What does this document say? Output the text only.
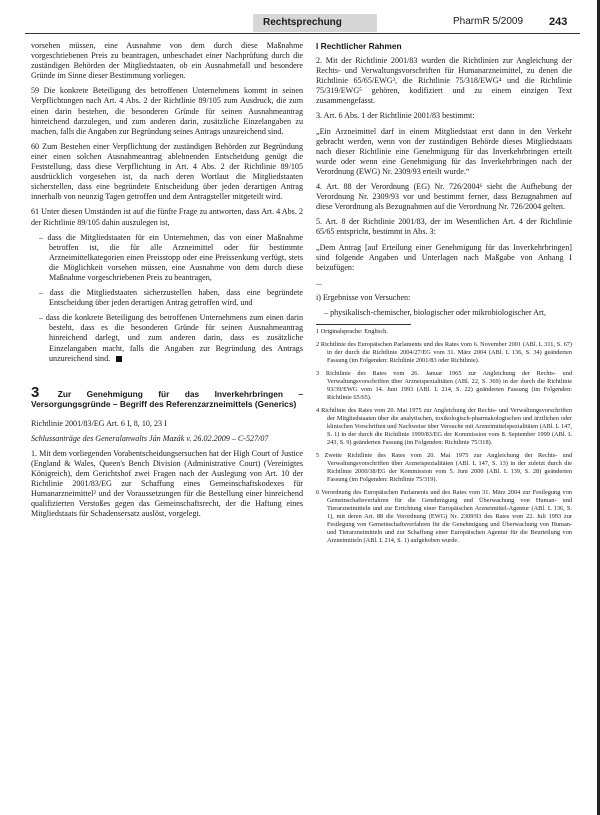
Rechtsprechung	PharmR 5/2009 243

vorsehen müssen, eine Ausnahme von dem durch diese Maßnahme vorgeschriebenen Preis zu beantragen, unbeschadet einer Nachprüfung durch die zuständigen Behörden der Mitgliedstaaten, ob ein Ausnahmefall und besondere Gründe im Sinne dieser Bestimmung vorliegen.

59 Die konkrete Beteiligung des betroffenen Unternehmens kommt in seinen Verpflichtungen nach Art. 4 Abs. 2 der Richtlinie 89/105 zum Ausdruck, die zum einen darin bestehen, die besonderen Gründe für seinen Ausnahmeantrag hinreichend darzulegen, und zum anderen darin, zusätzliche Einzelangaben zu machen, falls die Angaben zur Begründung seines Antrags unzureichend sind.

60 Zum Bestehen einer Verpflichtung der zuständigen Behörden zur Begründung einer einen solchen Ausnahmeantrag ablehnenden Entscheidung genügt die Feststellung, dass diese Verpflichtung in Art. 4 Abs. 2 der Richtlinie 89/105 ausdrücklich vorgesehen ist, da nach deren Wortlaut die Mitgliedstaaten sicherstellen, dass eine begründete Entscheidung über jeden derartigen Antrag innerhalb von neunzig Tagen getroffen und dem Antragsteller mitgeteilt wird.

61 Unter diesen Umständen ist auf die fünfte Frage zu antworten, dass Art. 4 Abs. 2 der Richtlinie 89/105 dahin auszulegen ist,

– dass die Mitgliedstaaten für ein Unternehmen, das von einer Maßnahme betroffen ist, die für alle Arzneimittel oder für bestimmte Arzneimittelkategorien einen Preisstopp oder eine Preissenkung verfügt, stets die Möglichkeit vorsehen müssen, eine Ausnahme von dem durch diese Maßnahme vorgeschriebenen Preis zu beantragen,

– dass die Mitgliedstaaten sicherzustellen haben, dass eine begründete Entscheidung über jeden derartigen Antrag getroffen wird, und

– dass die konkrete Beteiligung des betroffenen Unternehmens zum einen darin besteht, dass es die besonderen Gründe für seinen Ausnahmeantrag hinreichend darlegt, und zum anderen darin, dass es zusätzliche Einzelangaben macht, falls die Angaben zur Begründung des Antrags unzureichend sind.

3 Zur Genehmigung für das Inverkehrbringen – Versorgungsgründe – Begriff des Referenzarzneimittels (Generics)

Richtlinie 2001/83/EG Art. 6 I, 8, 10, 23 I

Schlussanträge des Generalanwalts Ján Mazák v. 26.02.2009 – C-527/07

1. Mit dem vorliegenden Vorabentscheidungsersuchen hat der High Court of Justice (England & Wales, Queen's Bench Division (Administrative Court) (Vereinigtes Königreich), dem Gerichtshof zwei Fragen nach der Auslegung von Art. 10 der Richtlinie 2001/83/EG zur Schaffung eines Gemeinschaftskodexes für Humanarzneimittel² und der Voraussetzungen für die Bestellung einer hinreichend qualifizierten Verstoßes gegen das Gemeinschaftsrecht, der die Haftung eines Mitgliedstaats für Schadensersatz auslöst, vorgelegt.

I Rechtlicher Rahmen

2. Mit der Richtlinie 2001/83 wurden die Richtlinien zur Angleichung der Rechts- und Verwaltungsvorschriften für Humanarzneimittel, zu denen die Richtlinie 65/65/EWG³, die Richtlinie 75/318/EWG⁴ und die Richtlinie 75/319/EWG⁵ gehören, kodifiziert und zu einem einzigen Text zusammengefasst.

3. Art. 6 Abs. 1 der Richtlinie 2001/83 bestimmt:

„Ein Arzneimittel darf in einem Mitgliedstaat erst dann in den Verkehr gebracht werden, wenn von der zuständigen Behörde dieses Mitgliedstaats nach dieser Richtlinie eine Genehmigung für das Inverkehrbringen erteilt wurde oder wenn eine Genehmigung für das Inverkehrbringen nach der Verordnung (EWG) Nr. 2309/93 erteilt wurde.“

4. Art. 88 der Verordnung (EG) Nr. 726/2004⁶ sieht die Aufhebung der Verordnung Nr. 2309/93 vor und bestimmt ferner, dass Bezugnahmen auf diese Verordnung als Bezugnahmen auf die Verordnung Nr. 726/2004 gelten.

5. Art. 8 der Richtlinie 2001/83, der im Wesentlichen Art. 4 der Richtlinie 65/65 entspricht, bestimmt in Abs. 3:

„Dem Antrag [auf Erteilung einer Genehmigung für das Inverkehrbringen] sind folgende Angaben und Unterlagen nach Maßgabe von Anhang I beizufügen:

...

i) Ergebnisse von Versuchen:

– physikalisch-chemischer, biologischer oder mikrobiologischer Art,

1 Originalsprache: Englisch.

2 Richtlinie des Europäischen Parlaments und des Rates vom 6. November 2001 (ABl. L 311, S. 67) in der durch die Richtlinie 2004/27/EG vom 31. März 2004 (ABl. L 136, S. 34) geänderten Fassung (im Folgenden: Richtlinie 2001/83 oder Richtlinie).

3 Richtlinie des Rates vom 26. Januar 1965 zur Angleichung der Rechts- und Verwaltungsvorschriften über Arzneispezialitäten (ABl. 22, S. 369) in der durch die Richtlinie 93/39/EWG vom 14. Juni 1993 (ABl. L 214, S. 22) geänderten Fassung (im Folgenden: Richtlinie 65/65).

4 Richtlinie des Rates vom 20. Mai 1975 zur Angleichung der Rechts- und Verwaltungsvorschriften der Mitgliedstaaten über die analytischen, toxikologisch-pharmakologischen und ärztlichen oder klinischen Vorschriften und Nachweise über Versuche mit Arzneimittelspezialitäten (ABl. L 147, S. 1) in der durch die Richtlinie 1999/83/EG der Kommission vom 8. September 1999 (ABl. L 243, S. 9) geänderten Fassung (im Folgenden: Richtlinie 75/318).

5 Zweite Richtlinie des Rates vom 20. Mai 1975 zur Angleichung der Rechts- und Verwaltungsvorschriften über Arzneispezialitäten (ABl. L 147, S. 13) in der zuletzt durch die Richtlinie 2000/38/EG der Kommission vom 5. Juni 2000 (ABl. L 139, S. 28) geänderten Fassung (im Folgenden: Richtlinie 75/319).

6 Verordnung des Europäischen Parlaments und des Rates vom 31. März 2004 zur Festlegung von Gemeinschaftsverfahren für die Genehmigung und Überwachung von Human- und Tierarzneimitteln und zur Errichtung einer Europäischen Arzneimittel-Agentur (ABl. L 136, S. 1), mit deren Art. 88 die Verordnung (EWG) Nr. 2309/93 des Rates vom 22. Juli 1993 zur Festlegung von Gemeinschaftsverfahren für die Genehmigung und Überwachung von Human- und Tierarzneimitteln und zur Schaffung einer Europäischen Agentur für die Beurteilung von Arzneimitteln (ABl. L 214, S. 1) aufgehoben wurde.
